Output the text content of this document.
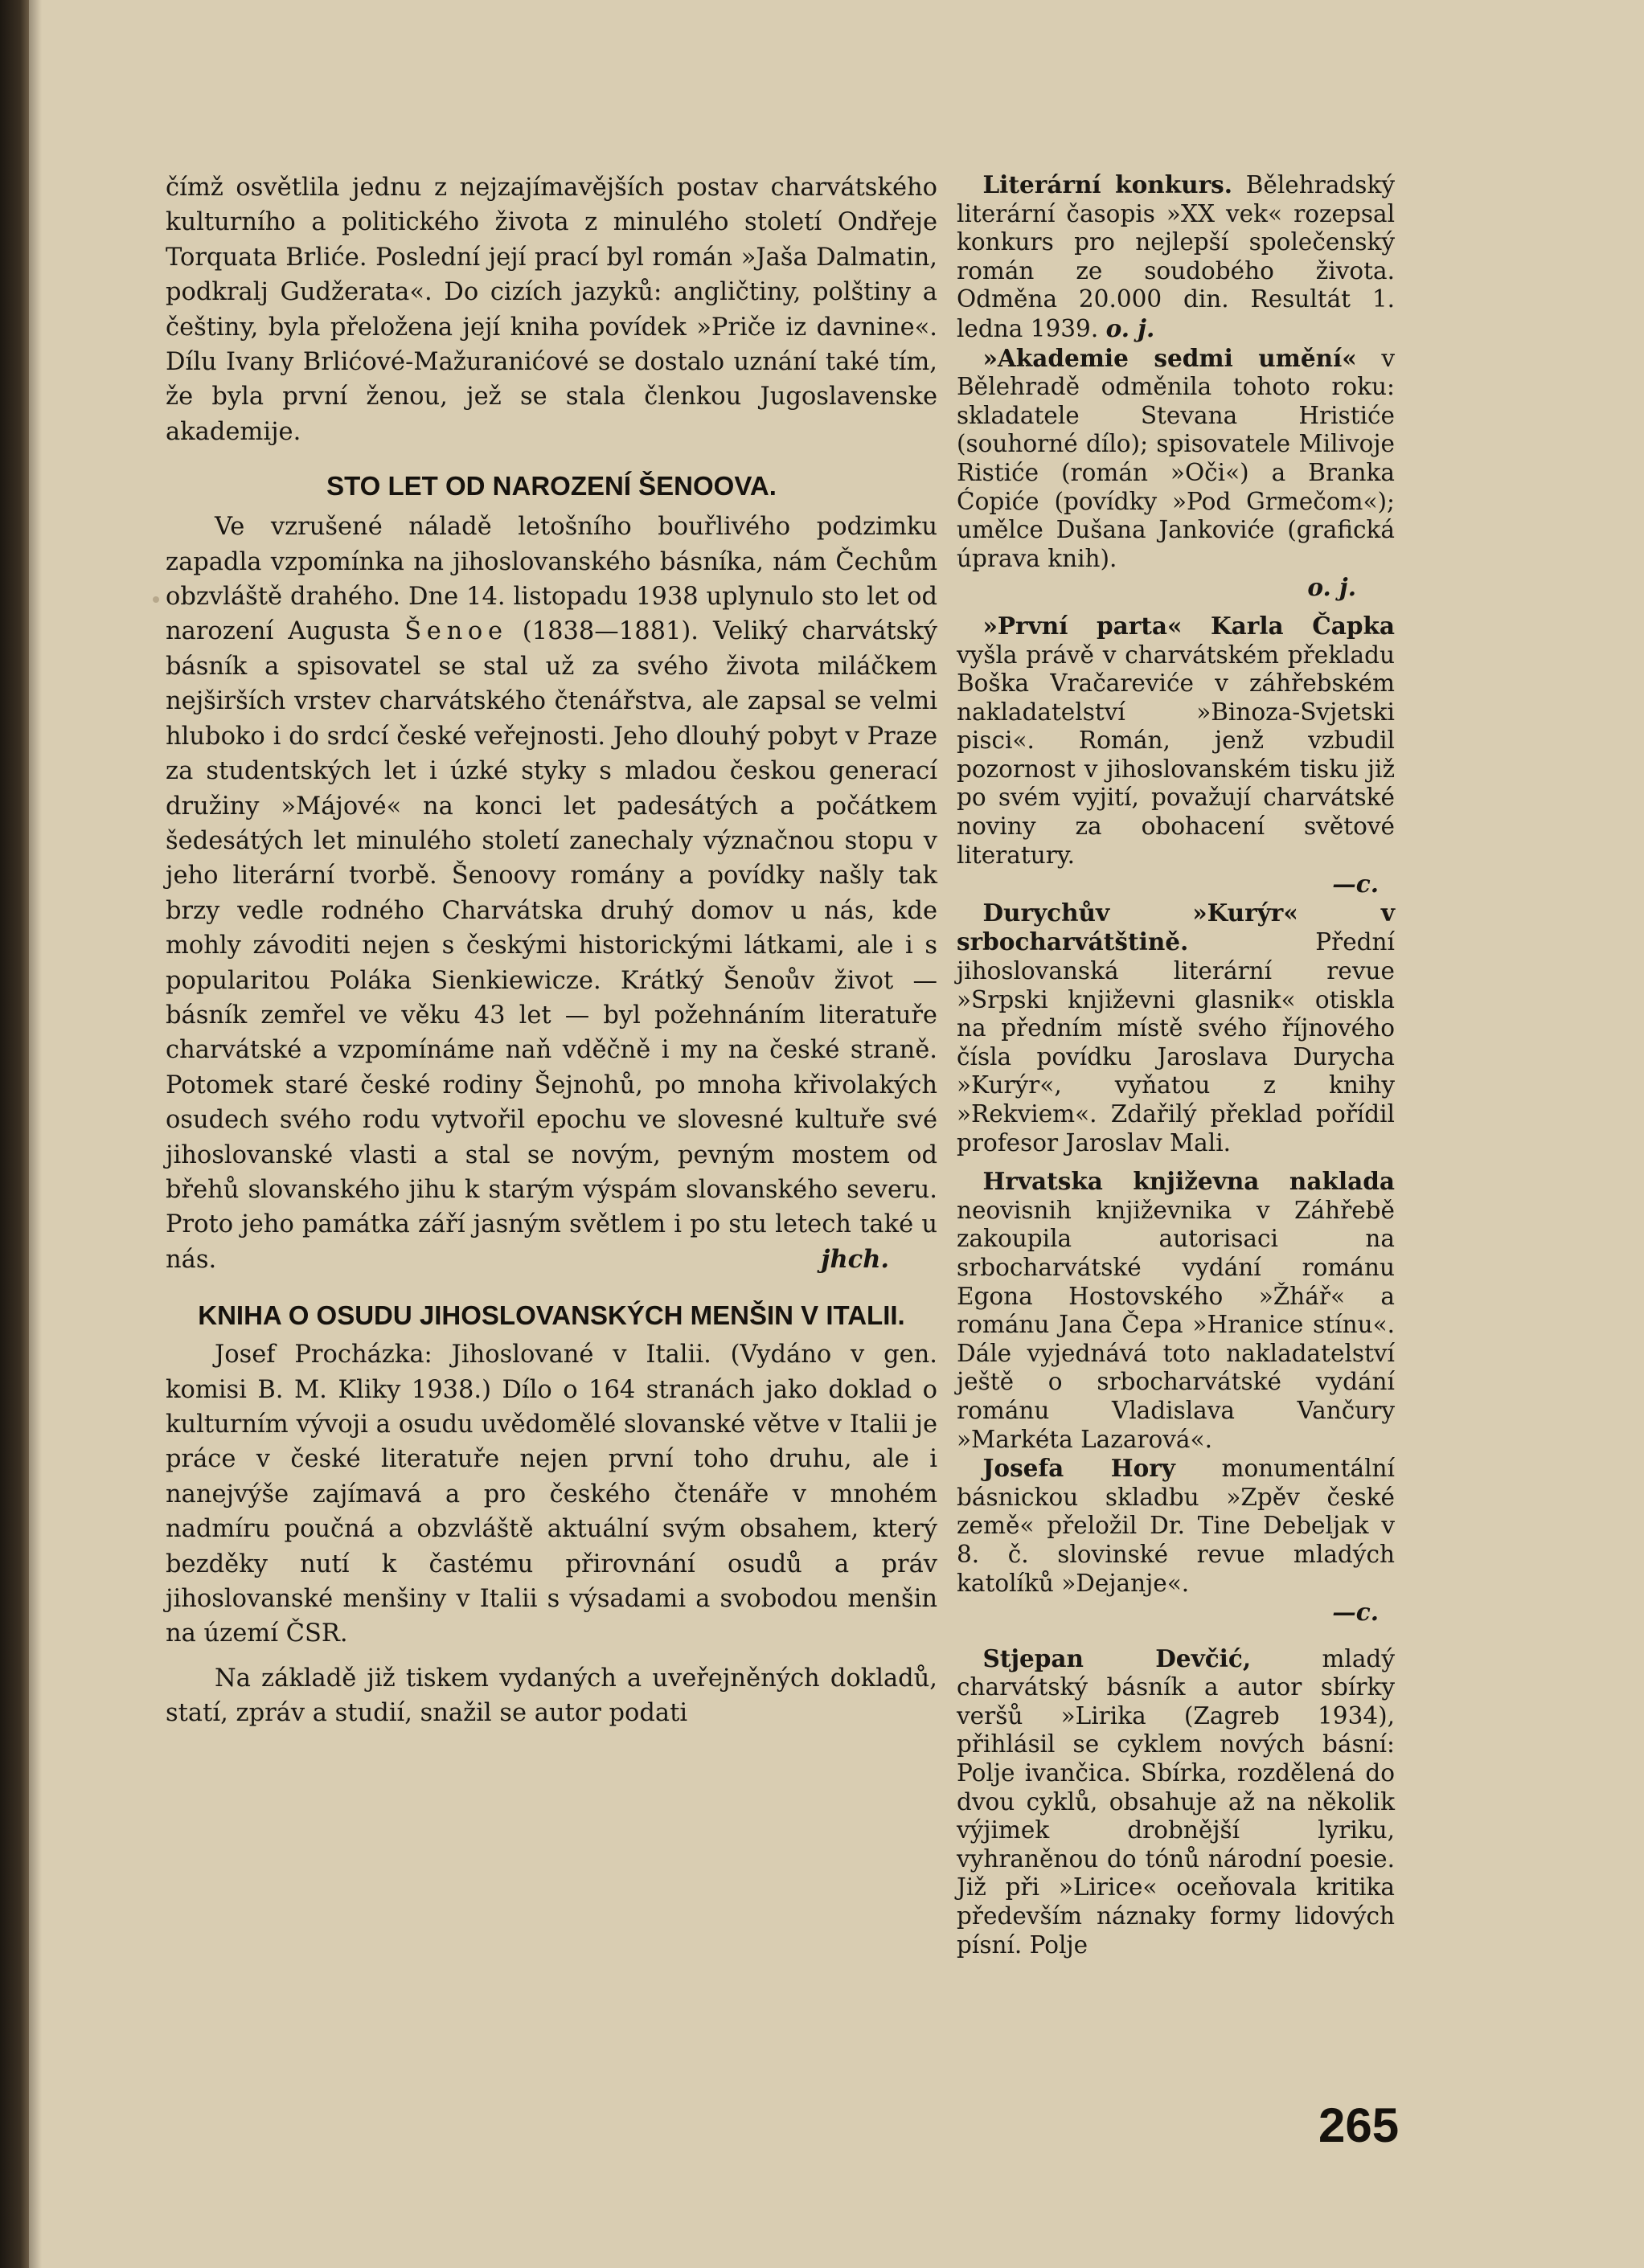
čímž osvětlila jednu z nejzajímavějších postav charvátského kulturního a politického života z minulého století Ondřeje Torquata Brliće. Poslední její prací byl román »Jaša Dalmatin, podkralj Gudžerata«. Do cizích jazyků: angličtiny, polštiny a češtiny, byla přeložena její kniha povídek »Priče iz davnine«. Dílu Ivany Brlićové-Mažuranićové se dostalo uznání také tím, že byla první ženou, jež se stala členkou Jugoslavenske akademije.

STO LET OD NAROZENÍ ŠENOOVA.

Ve vzrušené náladě letošního bouřlivého podzimku zapadla vzpomínka na jihoslovanského básníka, nám Čechům obzvláště drahého. Dne 14. listopadu 1938 uplynulo sto let od narození Augusta Šenoe (1838—1881). Veliký charvátský básník a spisovatel se stal už za svého života miláčkem nejširších vrstev charvátského čtenářstva, ale zapsal se velmi hluboko i do srdcí české veřejnosti. Jeho dlouhý pobyt v Praze za studentských let i úzké styky s mladou českou generací družiny »Májové« na konci let padesátých a počátkem šedesátých let minulého století zanechaly význačnou stopu v jeho literární tvorbě. Šenoovy romány a povídky našly tak brzy vedle rodného Charvátska druhý domov u nás, kde mohly závoditi nejen s českými historickými látkami, ale i s popularitou Poláka Sienkiewicze. Krátký Šenoův život — básník zemřel ve věku 43 let — byl požehnáním literatuře charvátské a vzpomínáme naň vděčně i my na české straně. Potomek staré české rodiny Šejnohů, po mnoha křivolakých osudech svého rodu vytvořil epochu ve slovesné kultuře své jihoslovanské vlasti a stal se novým, pevným mostem od břehů slovanského jihu k starým výspám slovanského severu. Proto jeho památka září jasným světlem i po stu letech také u nás.	jhch.

KNIHA O OSUDU JIHOSLOVANSKÝCH MENŠIN V ITALII.

Josef Procházka: Jihoslované v Italii. (Vydáno v gen. komisi B. M. Kliky 1938.) Dílo o 164 stranách jako doklad o kulturním vývoji a osudu uvědomělé slovanské větve v Italii je práce v české literatuře nejen první toho druhu, ale i nanejvýše zajímavá a pro českého čtenáře v mnohém nadmíru poučná a obzvláště aktuální svým obsahem, který bezděky nutí k častému přirovnání osudů a práv jihoslovanské menšiny v Italii s výsadami a svobodou menšin na území ČSR.

Na základě již tiskem vydaných a uveřejněných dokladů, statí, zpráv a studií, snažil se autor podati

Literární konkurs. Bělehradský literární časopis »XX vek« rozepsal konkurs pro nejlepší společenský román ze soudobého života. Odměna 20.000 din. Resultát 1. ledna 1939. o. j.

»Akademie sedmi umění« v Bělehradě odměnila tohoto roku: skladatele Stevana Hristiće (souhorné dílo); spisovatele Milivoje Ristiće (román »Oči«) a Branka Ćopiće (povídky »Pod Grmečom«); umělce Dušana Jankoviće (grafická úprava knih).

o. j.

»První parta« Karla Čapka vyšla právě v charvátském překladu Boška Vračareviće v záhřebském nakladatelství »Binoza-Svjetski pisci«. Román, jenž vzbudil pozornost v jihoslovanském tisku již po svém vyjití, považují charvátské noviny za obohacení světové literatury.

—c.

Durychův »Kurýr« v srbocharvátštině.	Přední jihoslovanská literární revue »Srpski književni glasnik« otiskla na předním místě svého říjnového čísla povídku Jaroslava Durycha »Kurýr«, vyňatou z knihy »Rekviem«. Zdařilý překlad pořídil profesor Jaroslav Mali.

Hrvatska književna naklada neovisnih književnika v Záhřebě zakoupila autorisaci na srbocharvátské vydání románu Egona Hostovského »Žhář« a románu Jana Čepa »Hranice stínu«. Dále vyjednává toto nakladatelství ještě o srbocharvátské vydání románu Vladislava Vančury »Markéta Lazarová«.

Josefa Hory monumentální básnickou skladbu »Zpěv české země« přeložil Dr. Tine Debeljak v 8. č. slovinské revue mladých katolíků »Dejanje«.

—c.

Stjepan Devčić,	mladý charvátský básník a autor sbírky veršů »Lirika (Zagreb 1934), přihlásil se cyklem nových básní: Polje ivančica. Sbírka, rozdělená do dvou cyklů, obsahuje až na několik výjimek drobnější lyriku, vyhraněnou do tónů národní poesie. Již při »Lirice« oceňovala kritika především náznaky formy lidových písní. Polje

265
